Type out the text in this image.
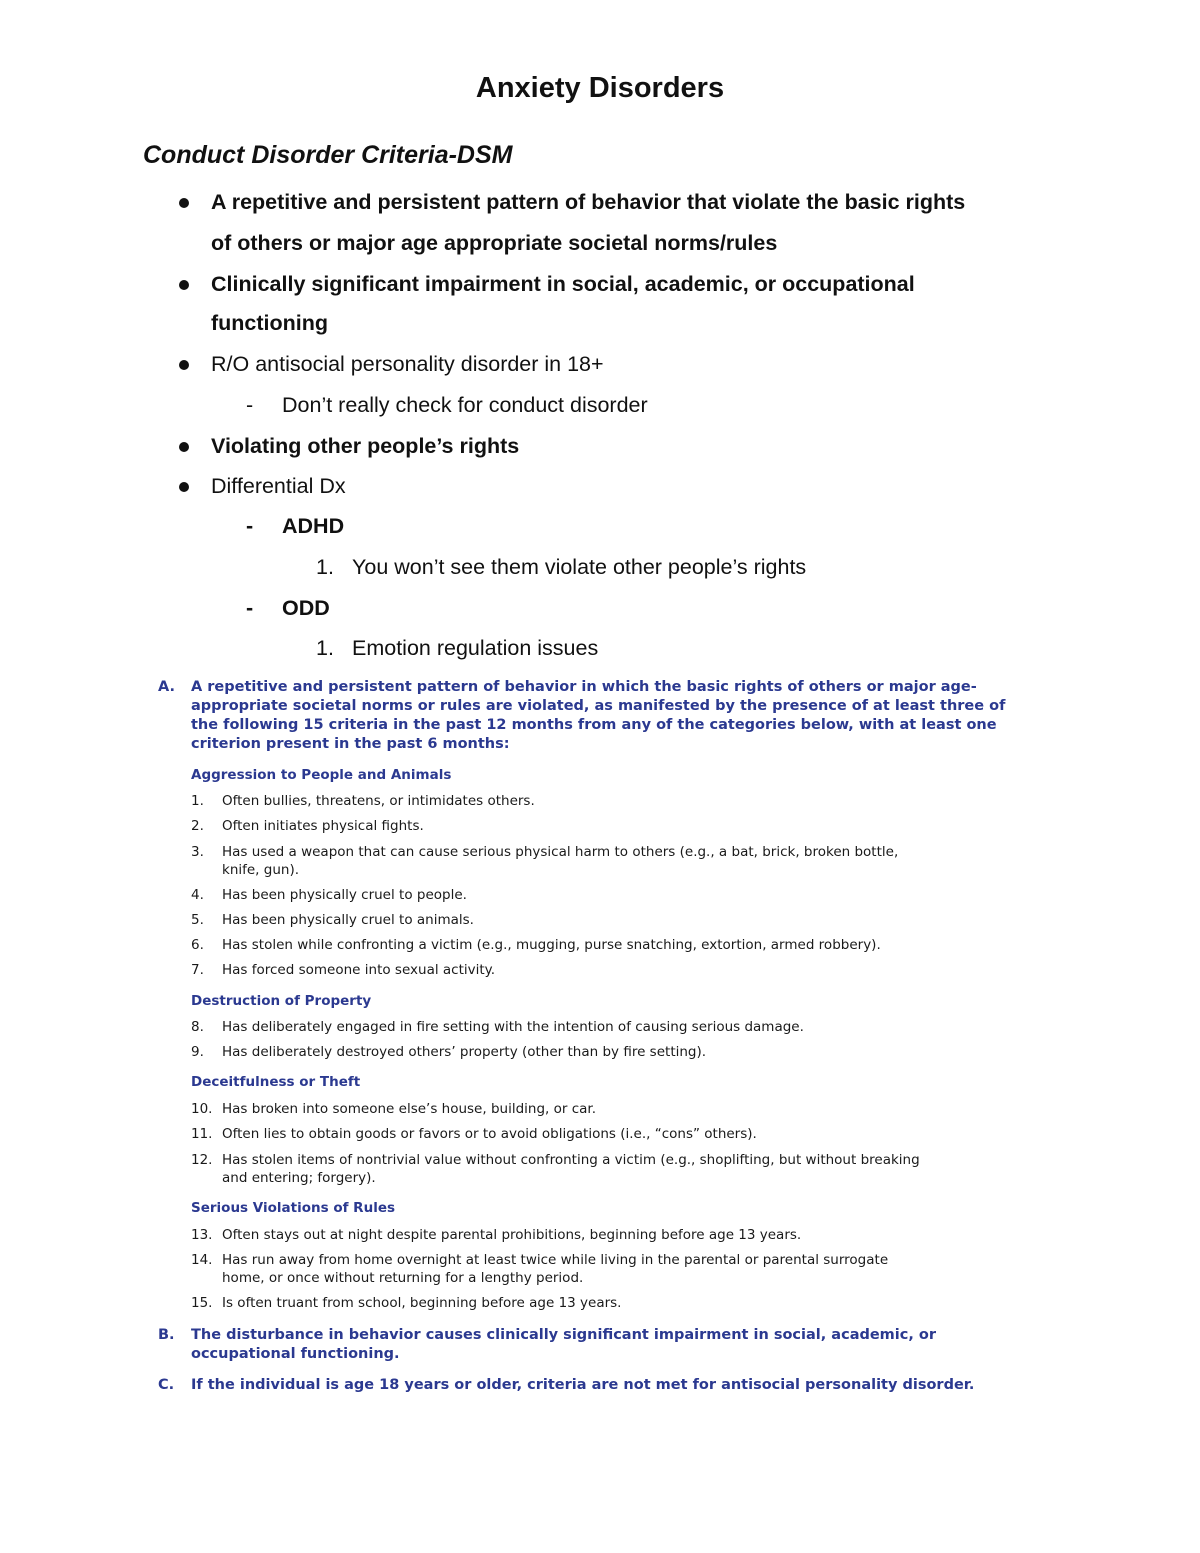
Anxiety Disorders
Conduct Disorder Criteria-DSM
A repetitive and persistent pattern of behavior that violate the basic rights
of others or major age appropriate societal norms/rules
Clinically significant impairment in social, academic, or occupational
functioning
R/O antisocial personality disorder in 18+
- Don’t really check for conduct disorder
Violating other people’s rights
Differential Dx
- ADHD
1. You won’t see them violate other people’s rights
- ODD
1. Emotion regulation issues
A. A repetitive and persistent pattern of behavior in which the basic rights of others or major age-
appropriate societal norms or rules are violated, as manifested by the presence of at least three of
the following 15 criteria in the past 12 months from any of the categories below, with at least one
criterion present in the past 6 months:
Aggression to People and Animals
1. Often bullies, threatens, or intimidates others.
2. Often initiates physical fights.
3. Has used a weapon that can cause serious physical harm to others (e.g., a bat, brick, broken bottle,
knife, gun).
4. Has been physically cruel to people.
5. Has been physically cruel to animals.
6. Has stolen while confronting a victim (e.g., mugging, purse snatching, extortion, armed robbery).
7. Has forced someone into sexual activity.
Destruction of Property
8. Has deliberately engaged in fire setting with the intention of causing serious damage.
9. Has deliberately destroyed others’ property (other than by fire setting).
Deceitfulness or Theft
10. Has broken into someone else’s house, building, or car.
11. Often lies to obtain goods or favors or to avoid obligations (i.e., “cons” others).
12. Has stolen items of nontrivial value without confronting a victim (e.g., shoplifting, but without breaking
and entering; forgery).
Serious Violations of Rules
13. Often stays out at night despite parental prohibitions, beginning before age 13 years.
14. Has run away from home overnight at least twice while living in the parental or parental surrogate
home, or once without returning for a lengthy period.
15. Is often truant from school, beginning before age 13 years.
B. The disturbance in behavior causes clinically significant impairment in social, academic, or
occupational functioning.
C. If the individual is age 18 years or older, criteria are not met for antisocial personality disorder.
